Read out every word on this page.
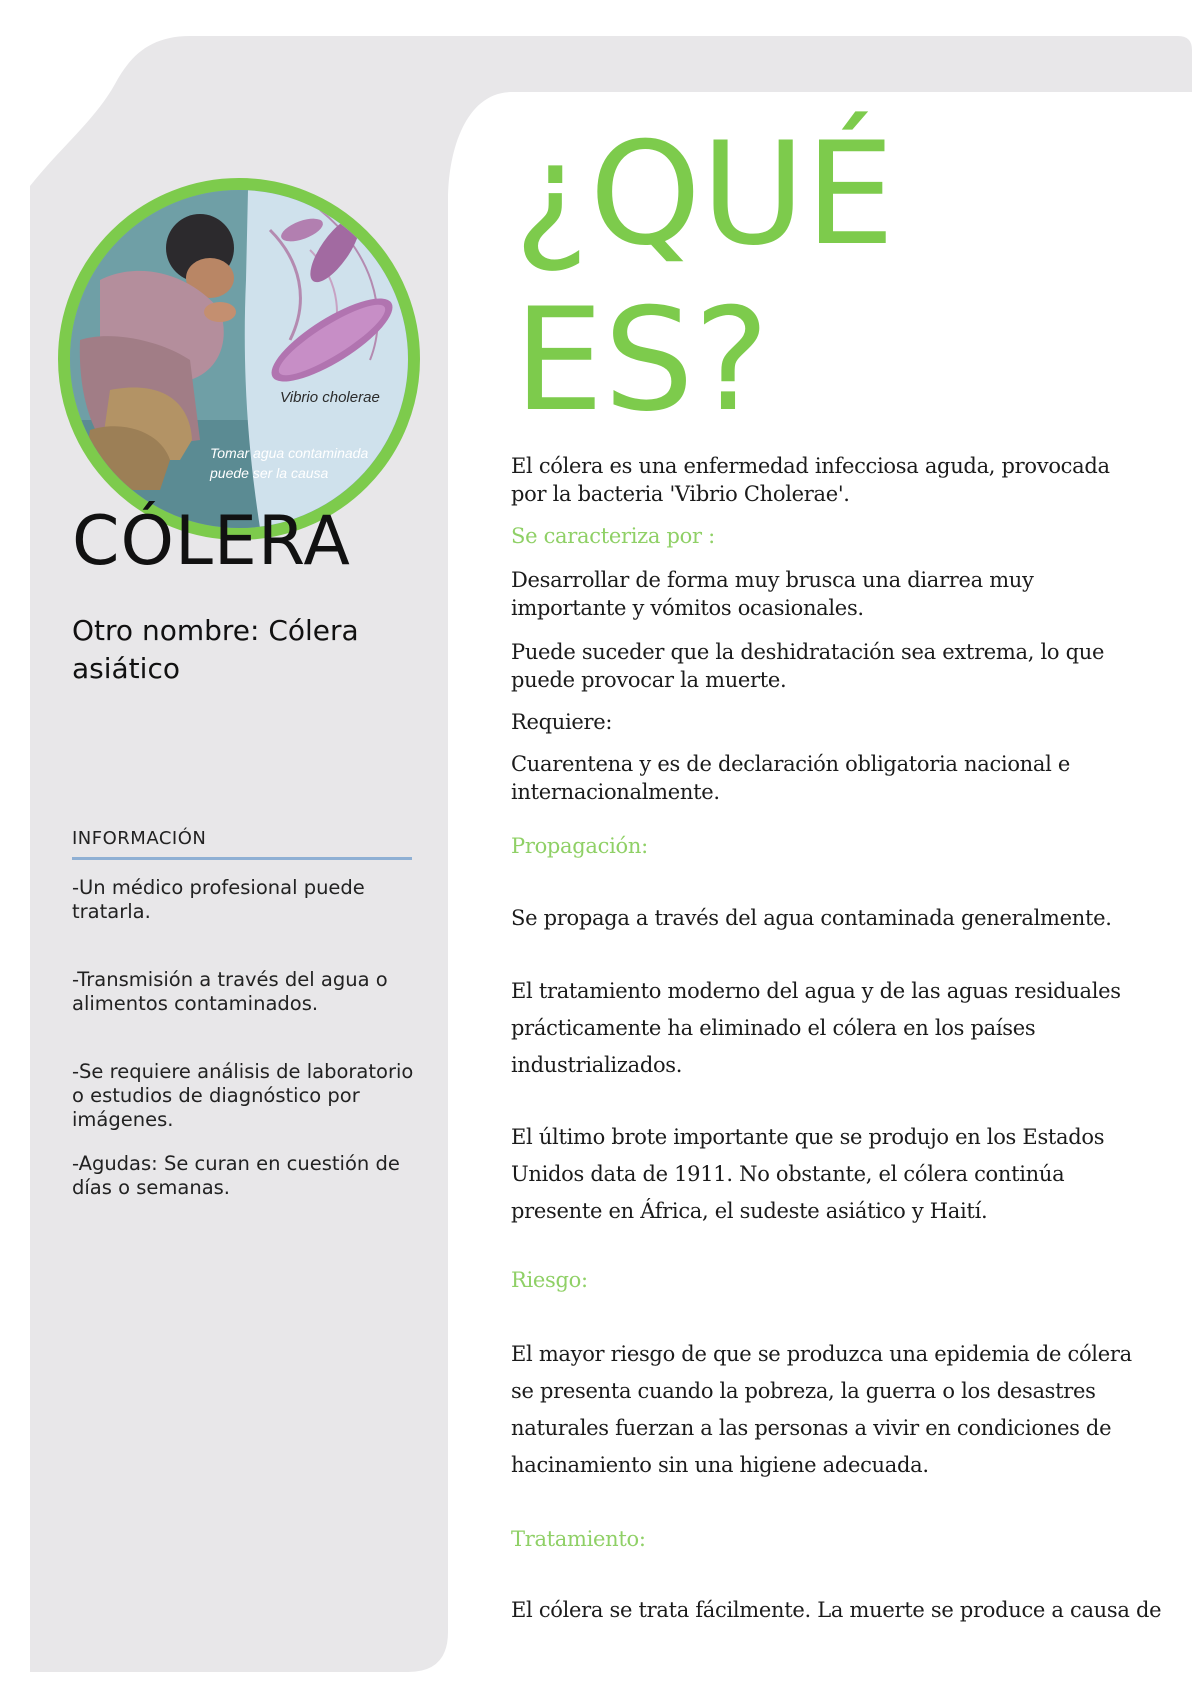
Vibrio cholerae
Tomar agua contaminada
puede ser la causa
CÓLERA
Otro nombre: Cólera asiático
INFORMACIÓN

-Un médico profesional puede tratarla.

-Transmisión a través del agua o alimentos contaminados.

-Se requiere análisis de laboratorio o estudios de diagnóstico por imágenes.

-Agudas: Se curan en cuestión de días o semanas.

¿QUÉ
ES?

El cólera es una enfermedad infecciosa aguda, provocada por la bacteria 'Vibrio Cholerae'.

Se caracteriza por :

Desarrollar de forma muy brusca una diarrea muy importante y vómitos ocasionales.

Puede suceder que la deshidratación sea extrema, lo que puede provocar la muerte.

Requiere:

Cuarentena y es de declaración obligatoria nacional e internacionalmente.

Propagación:

Se propaga a través del agua contaminada generalmente.

El tratamiento moderno del agua y de las aguas residuales prácticamente ha eliminado el cólera en los países industrializados.

El último brote importante que se produjo en los Estados Unidos data de 1911. No obstante, el cólera continúa presente en África, el sudeste asiático y Haití.

Riesgo:

El mayor riesgo de que se produzca una epidemia de cólera se presenta cuando la pobreza, la guerra o los desastres naturales fuerzan a las personas a vivir en condiciones de hacinamiento sin una higiene adecuada.

Tratamiento:

El cólera se trata fácilmente. La muerte se produce a causa de
